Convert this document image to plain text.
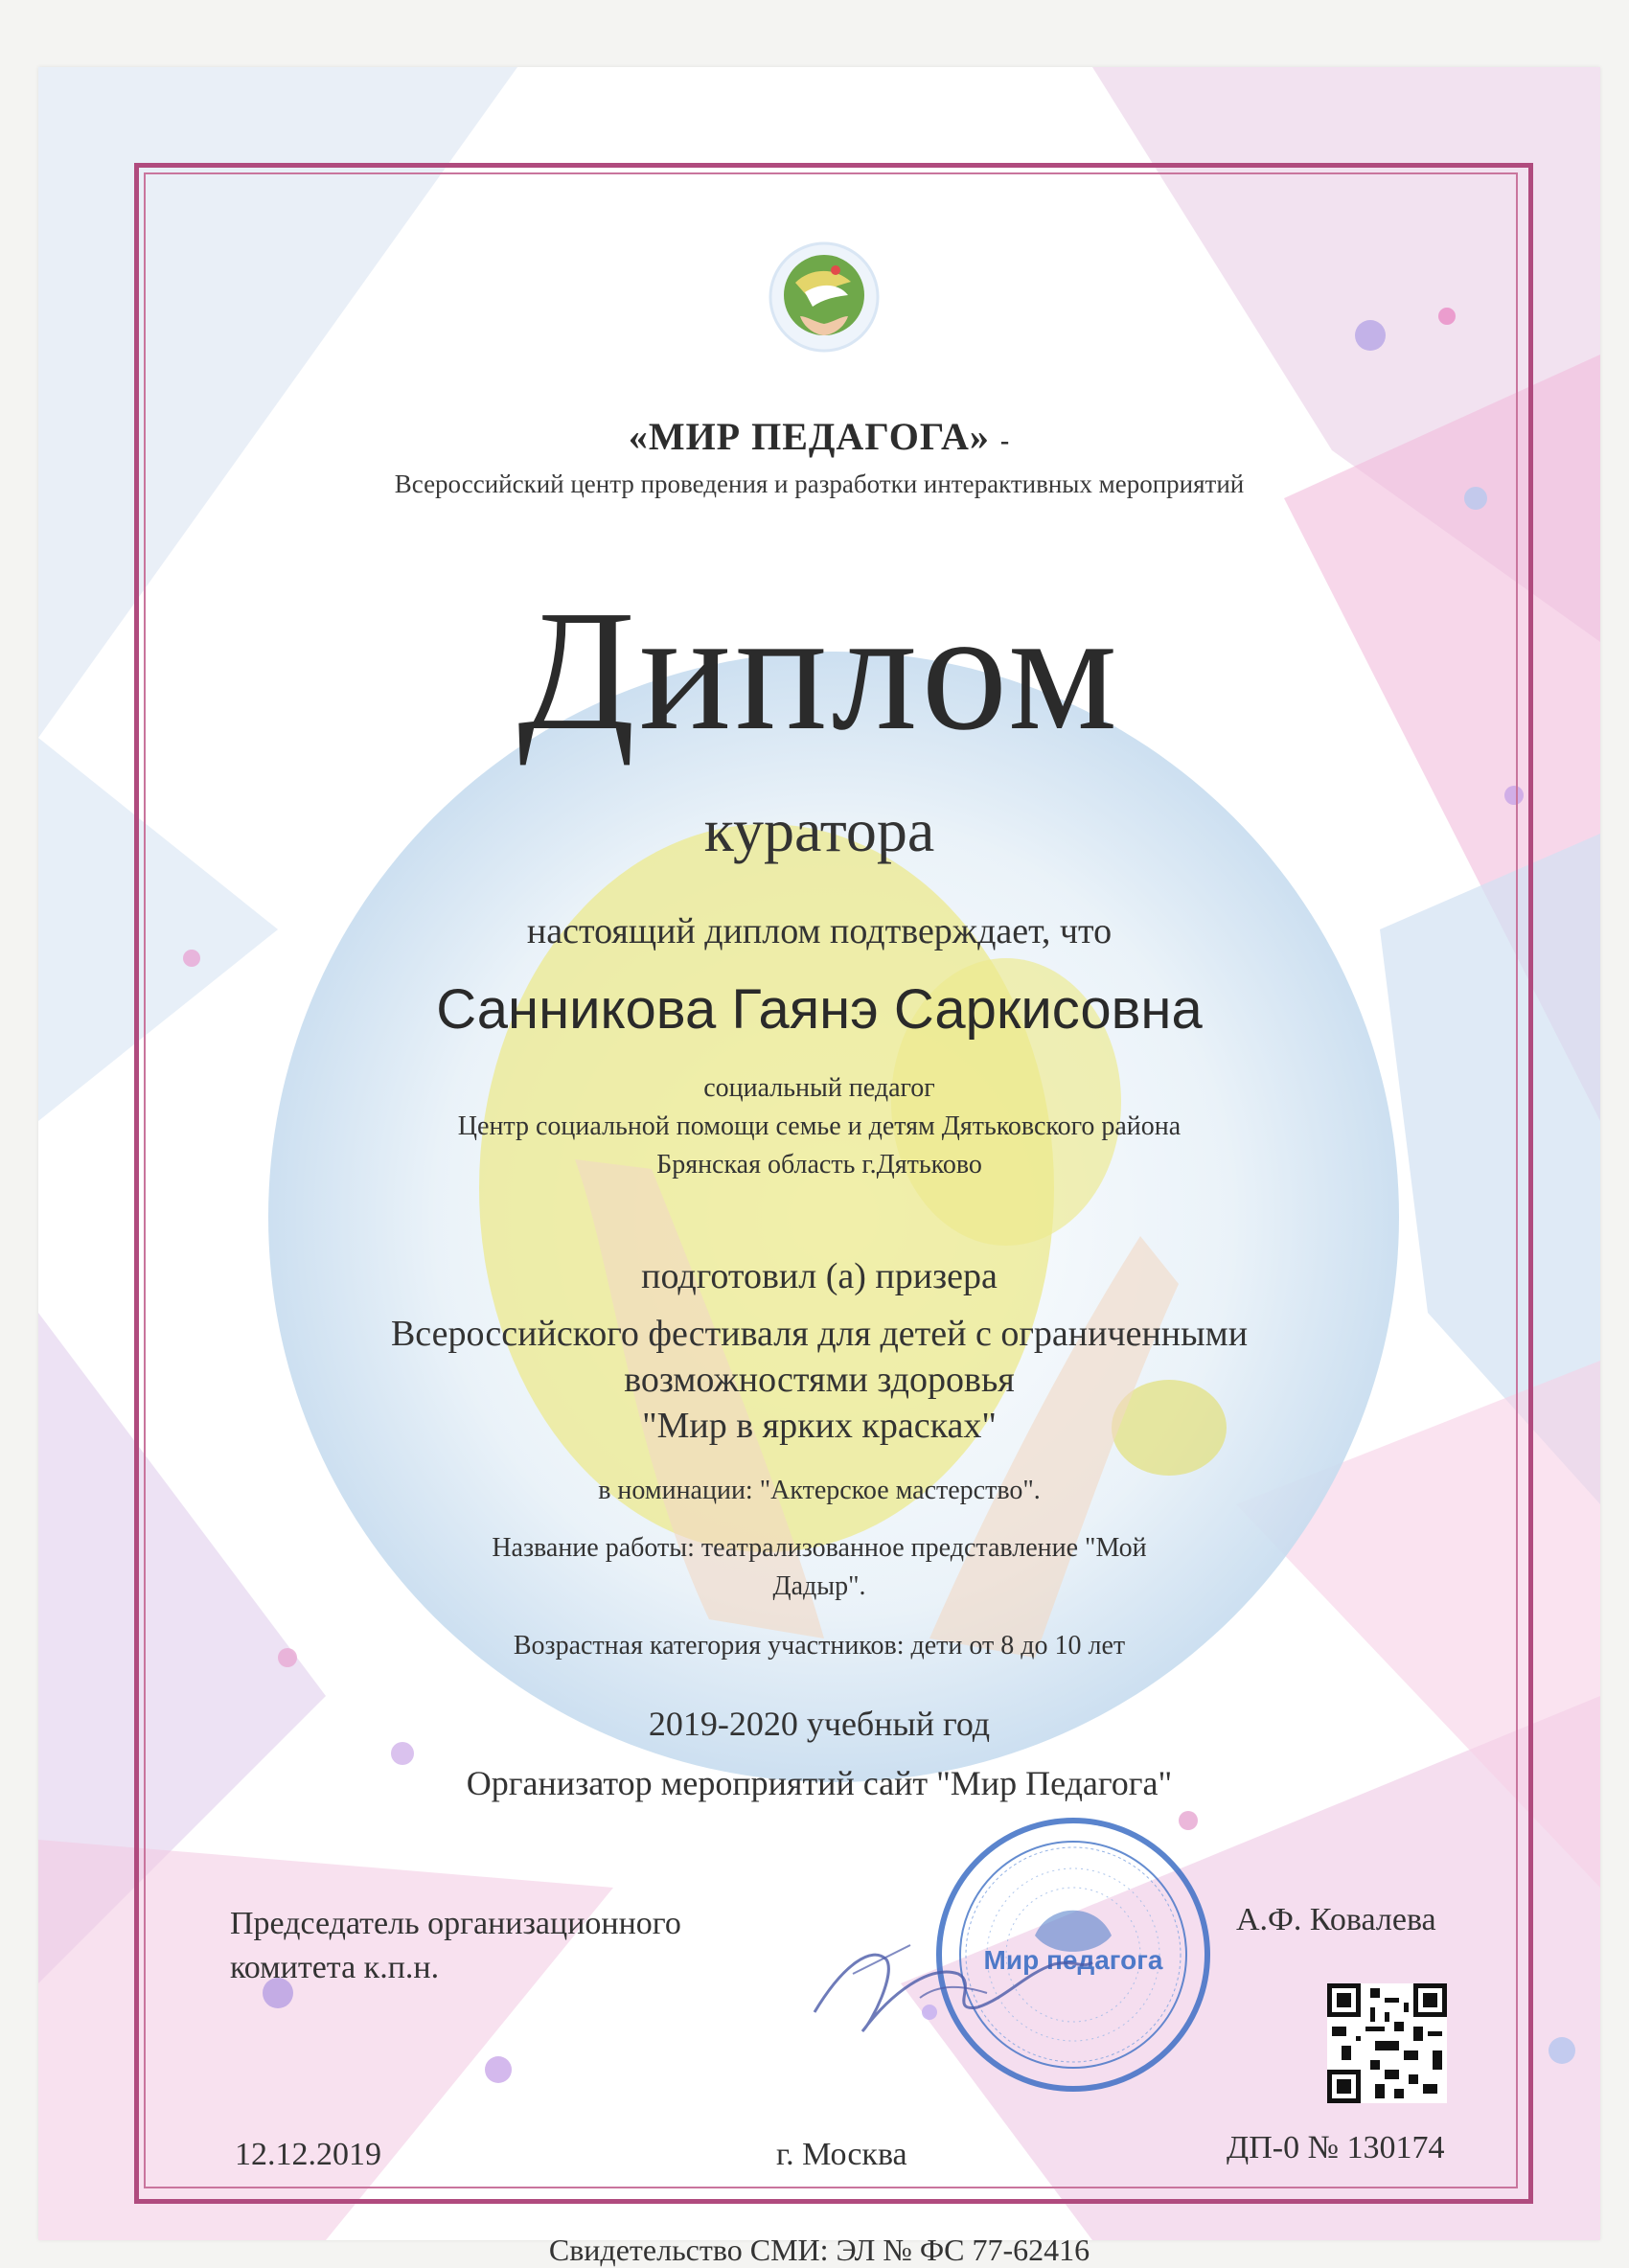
«МИР ПЕДАГОГА» -

Всероссийский центр проведения и разработки интерактивных мероприятий

Диплом

куратора

настоящий диплом подтверждает, что

Санникова Гаянэ Саркисовна

социальный педагог

Центр социальной помощи семье и детям Дятьковского района

Брянская область г.Дятьково

подготовил (а) призера

Всероссийского фестиваля для детей с ограниченными

возможностями здоровья

"Мир в ярких красках"

в номинации: "Актерское мастерство".

Название работы: театрализованное представление "Мой

Дадыр".

Возрастная категория участников: дети от 8 до 10 лет

2019-2020 учебный год

Организатор мероприятий сайт "Мир Педагога"

Председатель организационного
комитета к.п.н.
А.Ф. Ковалева
Мир педагога
12.12.2019	г. Москва	ДП-0 № 130174

Свидетельство СМИ: ЭЛ № ФС 77-62416
